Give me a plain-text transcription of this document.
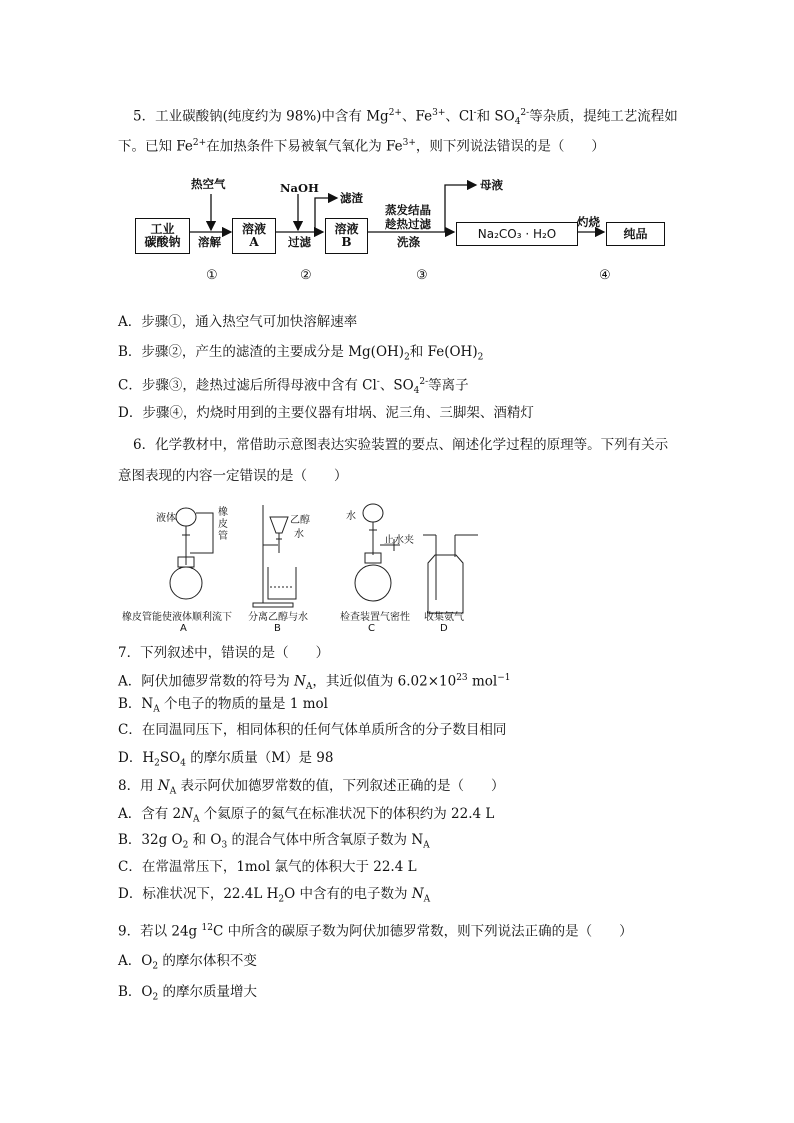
5．工业碳酸钠(纯度约为 98%)中含有 $Mg^{2+}$、$Fe^{3+}$、Cl-和 $SO_4^{2-}$等杂质，提纯工艺流程如
下。已知 $Fe^{2+}$在加热条件下易被氧气氧化为 $Fe^{3+}$，则下列说法错误的是（　　）
工业
碳酸钠
溶液
A
溶液
B
Na₂CO₃ · H₂O	纯品
热空气
溶解
NaOH
过滤
滤渣
蒸发结晶
趁热过滤
洗涤
母液
灼烧
①	②	③	④
A．步骤①，通入热空气可加快溶解速率
B．步骤②，产生的滤渣的主要成分是 $Mg(OH)_2$和 $Fe(OH)_2$
C．步骤③，趁热过滤后所得母液中含有 Cl-、$SO_4^{2-}$等离子
D．步骤④，灼烧时用到的主要仪器有坩埚、泥三角、三脚架、酒精灯
6．化学教材中，常借助示意图表达实验装置的要点、阐述化学过程的原理等。下列有关示
意图表现的内容一定错误的是（　　）
液体
橡
皮
管
乙醇
水
水
止水夹
橡皮管能使液体顺利流下 分离乙醇与水	检查装置气密性 收集氨气
A	B	C	D
7．下列叙述中，错误的是（　　）
A．阿伏加德罗常数的符号为 $N_A$，其近似值为 $6.02\times 10^{23}$ mol$^{-1}$
B．$N_A$ 个电子的物质的量是 1 mol
C．在同温同压下，相同体积的任何气体单质所含的分子数目相同
D．$H_2SO_4$ 的摩尔质量（M）是 98
8．用 $N_A$ 表示阿伏加德罗常数的值，下列叙述正确的是（　　）
A．含有 $2N_A$ 个氦原子的氦气在标准状况下的体积约为 22.4 L
B．32g $O_2$ 和 $O_3$ 的混合气体中所含氧原子数为 $N_A$
C．在常温常压下，1mol 氯气的体积大于 22.4 L
D．标准状况下，22.4L $H_2O$ 中含有的电子数为 $N_A$
9．若以 24g $^{12}$C 中所含的碳原子数为阿伏加德罗常数，则下列说法正确的是（　　）
A．$O_2$ 的摩尔体积不变
B．$O_2$ 的摩尔质量增大
